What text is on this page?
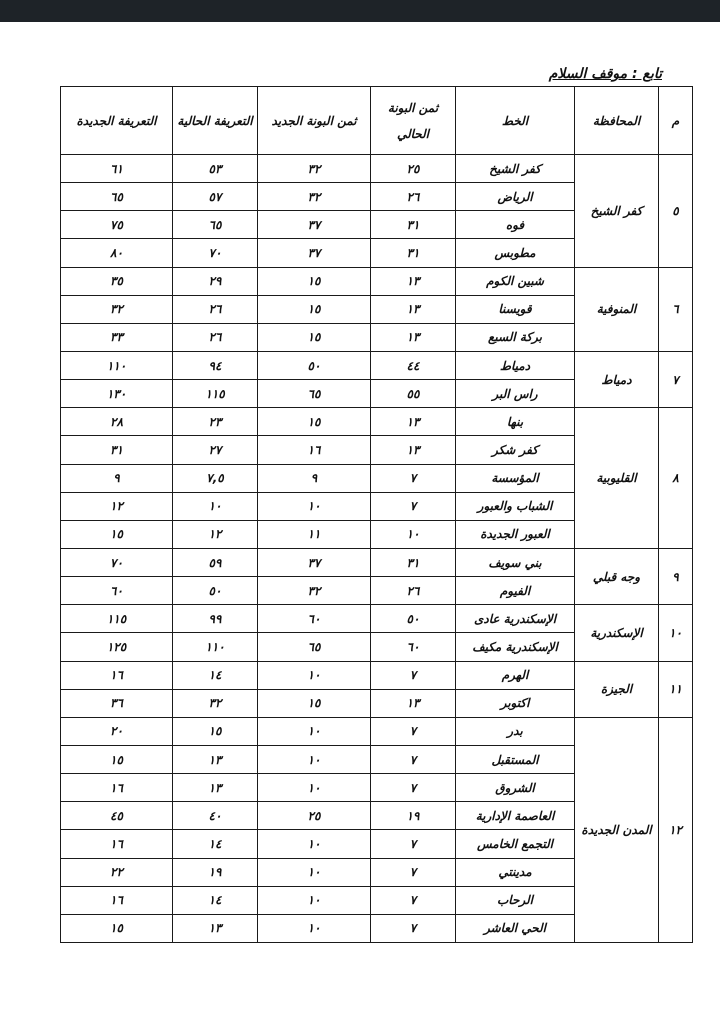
تابع : موقف السلام
م	المحافظة	الخط	ثمن البونة الحالي	ثمن البونة الجديد	التعريفة الحالية	التعريفة الجديدة
٥	كفر الشيخ	كفر الشيخ	٢٥	٣٢	٥٣	٦١
		الرياض	٢٦	٣٢	٥٧	٦٥
		فوه	٣١	٣٧	٦٥	٧٥
		مطوبس	٣١	٣٧	٧٠	٨٠
٦	المنوفية	شبين الكوم	١٣	١٥	٢٩	٣٥
		قويسنا	١٣	١٥	٢٦	٣٢
		بركة السبع	١٣	١٥	٢٦	٣٣
٧	دمياط	دمياط	٤٤	٥٠	٩٤	١١٠
		راس البر	٥٥	٦٥	١١٥	١٣٠
٨	القليوبية	بنها	١٣	١٥	٢٣	٢٨
		كفر شكر	١٣	١٦	٢٧	٣١
		المؤسسة	٧	٩	٧,٥	٩
		الشباب والعبور	٧	١٠	١٠	١٢
		العبور الجديدة	١٠	١١	١٢	١٥
٩	وجه قبلي	بني سويف	٣١	٣٧	٥٩	٧٠
		الفيوم	٢٦	٣٢	٥٠	٦٠
١٠	الإسكندرية	الإسكندرية عادى	٥٠	٦٠	٩٩	١١٥
		الإسكندرية مكيف	٦٠	٦٥	١١٠	١٢٥
١١	الجيزة	الهرم	٧	١٠	١٤	١٦
		اكتوبر	١٣	١٥	٣٢	٣٦
١٢	المدن الجديدة	بدر	٧	١٠	١٥	٢٠
		المستقبل	٧	١٠	١٣	١٥
		الشروق	٧	١٠	١٣	١٦
		العاصمة الإدارية	١٩	٢٥	٤٠	٤٥
		التجمع الخامس	٧	١٠	١٤	١٦
		مدينتي	٧	١٠	١٩	٢٢
		الرحاب	٧	١٠	١٤	١٦
		الحي العاشر	٧	١٠	١٣	١٥
